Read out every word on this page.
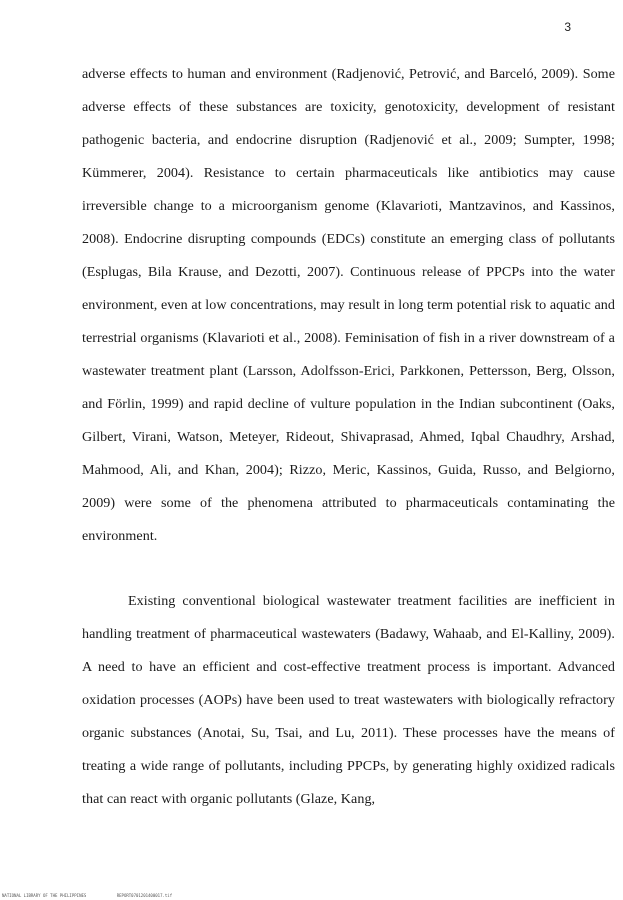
3

adverse effects to human and environment (Radjenović, Petrović, and Barceló, 2009). Some adverse effects of these substances are toxicity, genotoxicity, development of resistant pathogenic bacteria, and endocrine disruption (Radjenović et al., 2009; Sumpter, 1998; Kümmerer, 2004). Resistance to certain pharmaceuticals like antibiotics may cause irreversible change to a microorganism genome (Klavarioti, Mantzavinos, and Kassinos, 2008). Endocrine disrupting compounds (EDCs) constitute an emerging class of pollutants (Esplugas, Bila Krause, and Dezotti, 2007). Continuous release of PPCPs into the water environment, even at low concentrations, may result in long term potential risk to aquatic and terrestrial organisms (Klavarioti et al., 2008). Feminisation of fish in a river downstream of a wastewater treatment plant (Larsson, Adolfsson-Erici, Parkkonen, Pettersson, Berg, Olsson, and Förlin, 1999) and rapid decline of vulture population in the Indian subcontinent (Oaks, Gilbert, Virani, Watson, Meteyer, Rideout, Shivaprasad, Ahmed, Iqbal Chaudhry, Arshad, Mahmood, Ali, and Khan, 2004); Rizzo, Meric, Kassinos, Guida, Russo, and Belgiorno, 2009) were some of the phenomena attributed to pharmaceuticals contaminating the environment.

Existing conventional biological wastewater treatment facilities are inefficient in handling treatment of pharmaceutical wastewaters (Badawy, Wahaab, and El-Kalliny, 2009). A need to have an efficient and cost-effective treatment process is important. Advanced oxidation processes (AOPs) have been used to treat wastewaters with biologically refractory organic substances (Anotai, Su, Tsai, and Lu, 2011). These processes have the means of treating a wide range of pollutants, including PPCPs, by generating highly oxidized radicals that can react with organic pollutants (Glaze, Kang,

NATIONAL LIBRARY OF THE PHILIPPINES	REPORT0701201400017.tif
